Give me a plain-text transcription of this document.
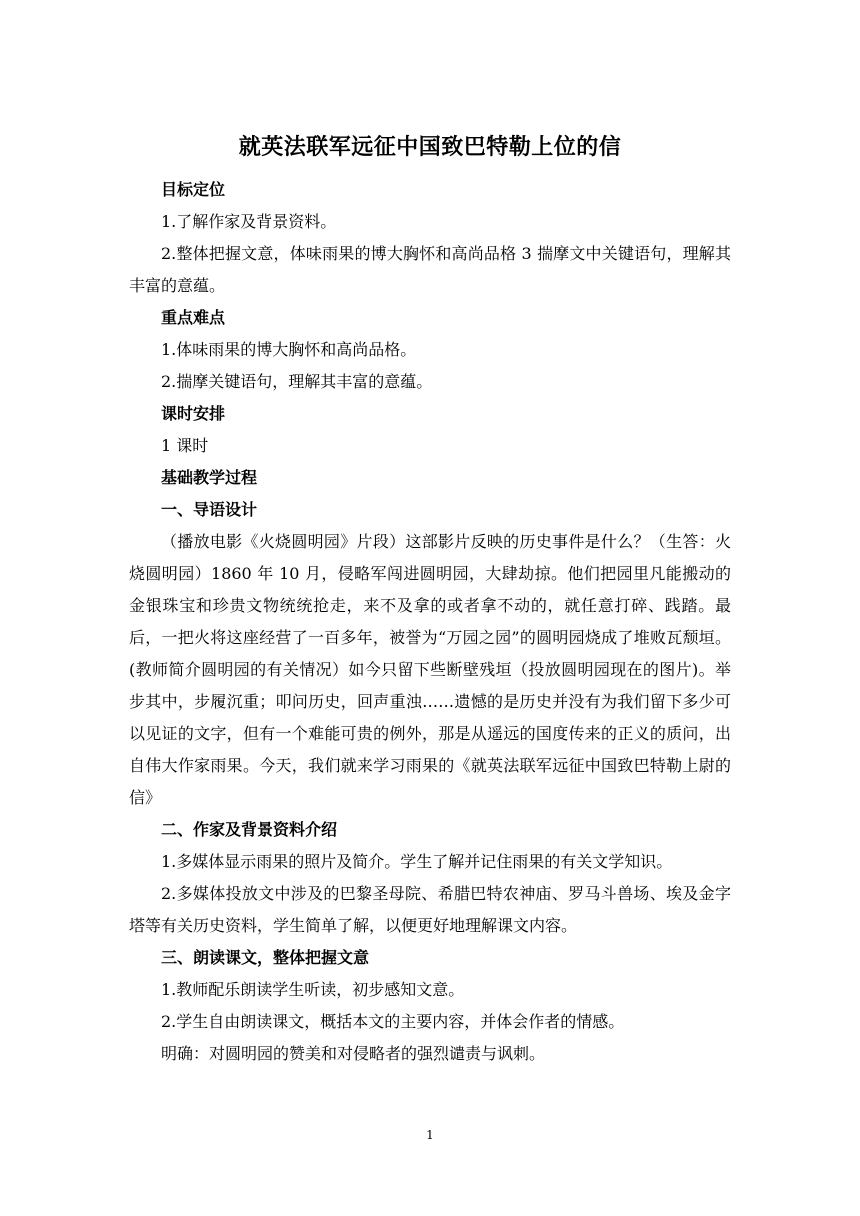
就英法联军远征中国致巴特勒上位的信

目标定位

1.了解作家及背景资料。

2.整体把握文意，体味雨果的博大胸怀和高尚品格 3 揣摩文中关键语句，理解其丰富的意蕴。

重点难点

1.体味雨果的博大胸怀和高尚品格。

2.揣摩关键语句，理解其丰富的意蕴。

课时安排

1 课时

基础教学过程

一、导语设计

（播放电影《火烧圆明园》片段）这部影片反映的历史事件是什么？（生答：火烧圆明园）1860 年 10 月，侵略军闯进圆明园，大肆劫掠。他们把园里凡能搬动的金银珠宝和珍贵文物统统抢走，来不及拿的或者拿不动的，就任意打碎、践踏。最后，一把火将这座经营了一百多年，被誉为“万园之园”的圆明园烧成了堆败瓦颓垣。(教师简介圆明园的有关情况）如今只留下些断壁残垣（投放圆明园现在的图片)。举步其中，步履沉重；叩问历史，回声重浊……遗憾的是历史并没有为我们留下多少可以见证的文字，但有一个难能可贵的例外，那是从遥远的国度传来的正义的质问，出自伟大作家雨果。今天，我们就来学习雨果的《就英法联军远征中国致巴特勒上尉的信》

二、作家及背景资料介绍

1.多媒体显示雨果的照片及简介。学生了解并记住雨果的有关文学知识。

2.多媒体投放文中涉及的巴黎圣母院、希腊巴特农神庙、罗马斗兽场、埃及金字塔等有关历史资料，学生简单了解，以便更好地理解课文内容。

三、朗读课文，整体把握文意

1.教师配乐朗读学生听读，初步感知文意。

2.学生自由朗读课文，概括本文的主要内容，并体会作者的情感。

明确：对圆明园的赞美和对侵略者的强烈谴责与讽刺。

1
